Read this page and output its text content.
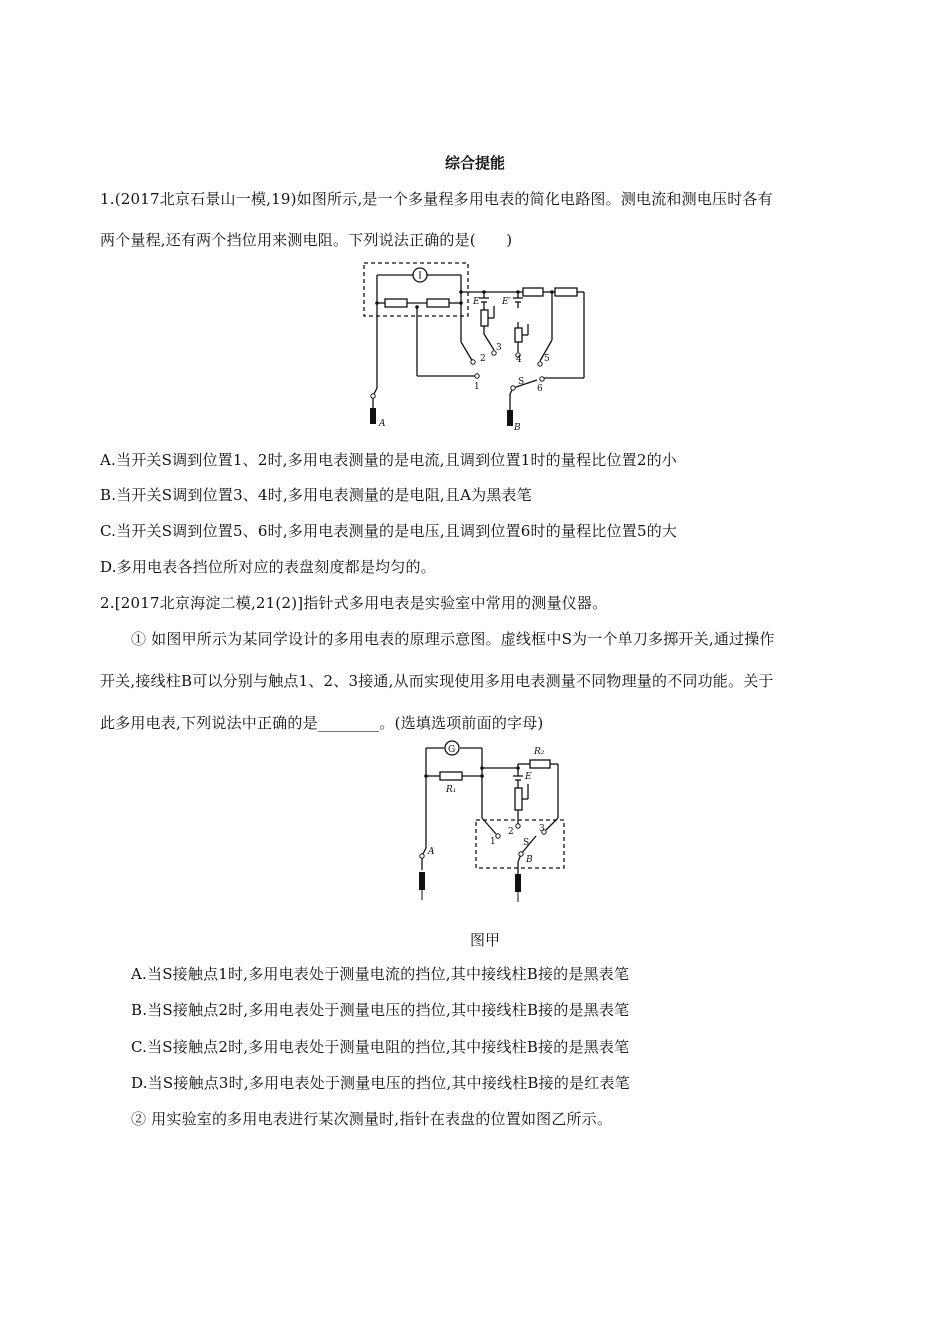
综合提能
1.(2017北京石景山一模,19)如图所示,是一个多量程多用电表的简化电路图。测电流和测电压时各有
两个量程,还有两个挡位用来测电阻。下列说法正确的是(　　)
E E′
A	B
S
1
2
3
4 5
6
A.当开关S调到位置1、2时,多用电表测量的是电流,且调到位置1时的量程比位置2的小
B.当开关S调到位置3、4时,多用电表测量的是电阻,且A为黑表笔
C.当开关S调到位置5、6时,多用电表测量的是电压,且调到位置6时的量程比位置5的大
D.多用电表各挡位所对应的表盘刻度都是均匀的。
2.[2017北京海淀二模,21(2)]指针式多用电表是实验室中常用的测量仪器。
① 如图甲所示为某同学设计的多用电表的原理示意图。虚线框中S为一个单刀多掷开关,通过操作
开关,接线柱B可以分别与触点1、2、3接通,从而实现使用多用电表测量不同物理量的不同功能。关于
此多用电表,下列说法中正确的是________。(选填选项前面的字母)
G
R₁
R₂
E
S
A
B
1
2	3
图甲
A.当S接触点1时,多用电表处于测量电流的挡位,其中接线柱B接的是黑表笔
B.当S接触点2时,多用电表处于测量电压的挡位,其中接线柱B接的是黑表笔
C.当S接触点2时,多用电表处于测量电阻的挡位,其中接线柱B接的是黑表笔
D.当S接触点3时,多用电表处于测量电压的挡位,其中接线柱B接的是红表笔
② 用实验室的多用电表进行某次测量时,指针在表盘的位置如图乙所示。
